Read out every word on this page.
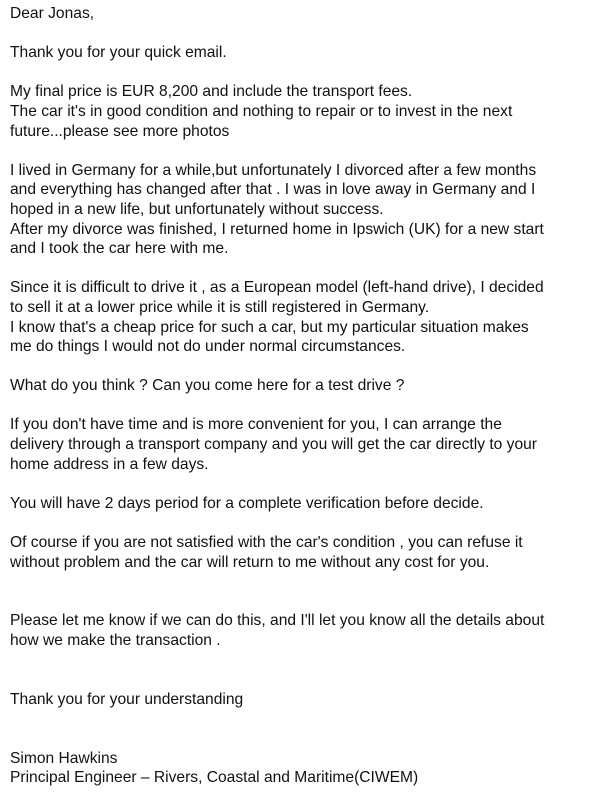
Dear Jonas,

Thank you for your quick email.

My final price is EUR 8,200 and include the transport fees.

The car it's in good condition and nothing to repair or to invest in the next

future...please see more photos

I lived in Germany for a while,but unfortunately I divorced after a few months

and everything has changed after that . I was in love away in Germany and I

hoped in a new life, but unfortunately without success.

After my divorce was finished, I returned home in Ipswich (UK) for a new start

and I took the car here with me.

Since it is difficult to drive it , as a European model (left-hand drive), I decided

to sell it at a lower price while it is still registered in Germany.

I know that's a cheap price for such a car, but my particular situation makes

me do things I would not do under normal circumstances.

What do you think ? Can you come here for a test drive ?

If you don't have time and is more convenient for you, I can arrange the

delivery through a transport company and you will get the car directly to your

home address in a few days.

You will have 2 days period for a complete verification before decide.

Of course if you are not satisfied with the car's condition , you can refuse it

without problem and the car will return to me without any cost for you.

Please let me know if we can do this, and I'll let you know all the details about

how we make the transaction .

Thank you for your understanding

Simon Hawkins

Principal Engineer – Rivers, Coastal and Maritime(CIWEM)
